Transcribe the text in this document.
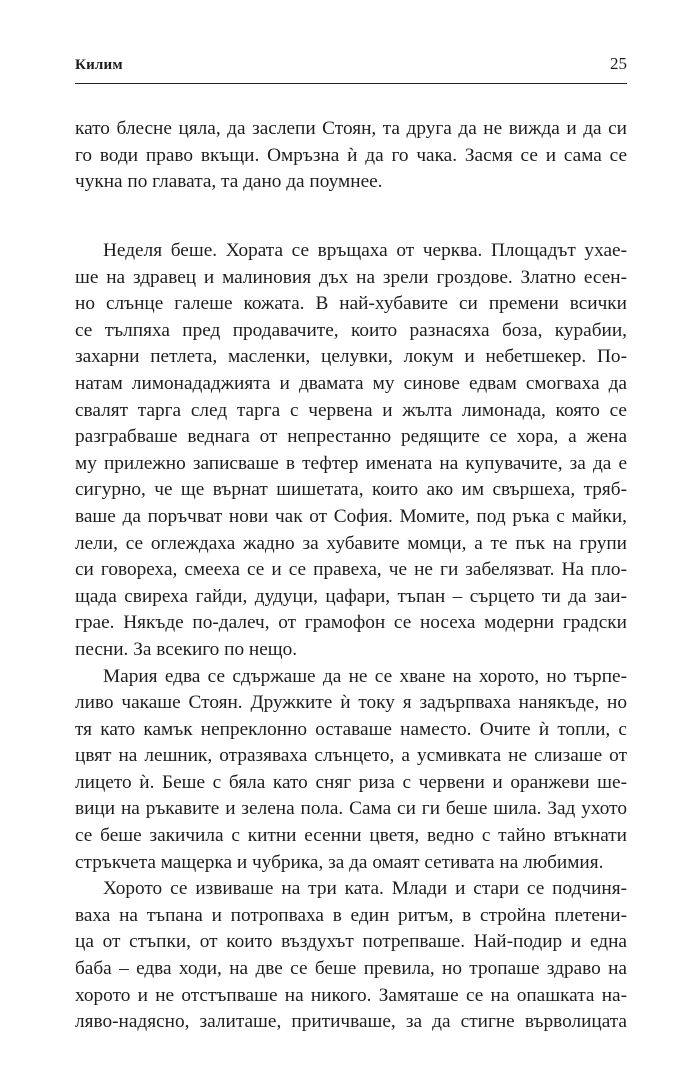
Килим	25
като блесне цяла, да заслепи Стоян, та друга да не вижда и да си
го води право вкъщи. Омръзна ѝ да го чака. Засмя се и сама се
чукна по главата, та дано да поумнее.
Неделя беше. Хората се връщаха от черква. Площадът ухае-
ше на здравец и малиновия дъх на зрели гроздове. Златно есен-
но слънце галеше кожата. В най-хубавите си премени всички
се тълпяха пред продавачите, които разнасяха боза, курабии,
захарни петлета, масленки, целувки, локум и небетшекер. По-
натам лимонададжията и двамата му синове едвам смогваха да
свалят тарга след тарга с червена и жълта лимонада, която се
разграбваше веднага от непрестанно редящите се хора, а жена
му прилежно записваше в тефтер имената на купувачите, за да е
сигурно, че ще върнат шишетата, които ако им свършеха, тряб-
ваше да поръчват нови чак от София. Момите, под ръка с майки,
лели, се оглеждаха жадно за хубавите момци, а те пък на групи
си говореха, смееха се и се правеха, че не ги забелязват. На пло-
щада свиреха гайди, дудуци, цафари, тъпан – сърцето ти да заи-
грае. Някъде по-далеч, от грамофон се носеха модерни градски
песни. За всекиго по нещо.
Мария едва се сдържаше да не се хване на хорото, но търпе-
ливо чакаше Стоян. Дружките ѝ току я задърпваха нанякъде, но
тя като камък непреклонно оставаше наместо. Очите ѝ топли, с
цвят на лешник, отразяваха слънцето, а усмивката не слизаше от
лицето ѝ. Беше с бяла като сняг риза с червени и оранжеви ше-
вици на ръкавите и зелена пола. Сама си ги беше шила. Зад ухото
се беше закичила с китни есенни цветя, ведно с тайно втъкнати
стръкчета мащерка и чубрика, за да омаят сетивата на любимия.
Хорото се извиваше на три ката. Млади и стари се подчиня-
ваха на тъпана и потропваха в един ритъм, в стройна плетени-
ца от стъпки, от които въздухът потрепваше. Най-подир и една
баба – едва ходи, на две се беше превила, но тропаше здраво на
хорото и не отстъпваше на никого. Замяташе се на опашката на-
ляво-надясно, залиташе, притичваше, за да стигне върволицата
